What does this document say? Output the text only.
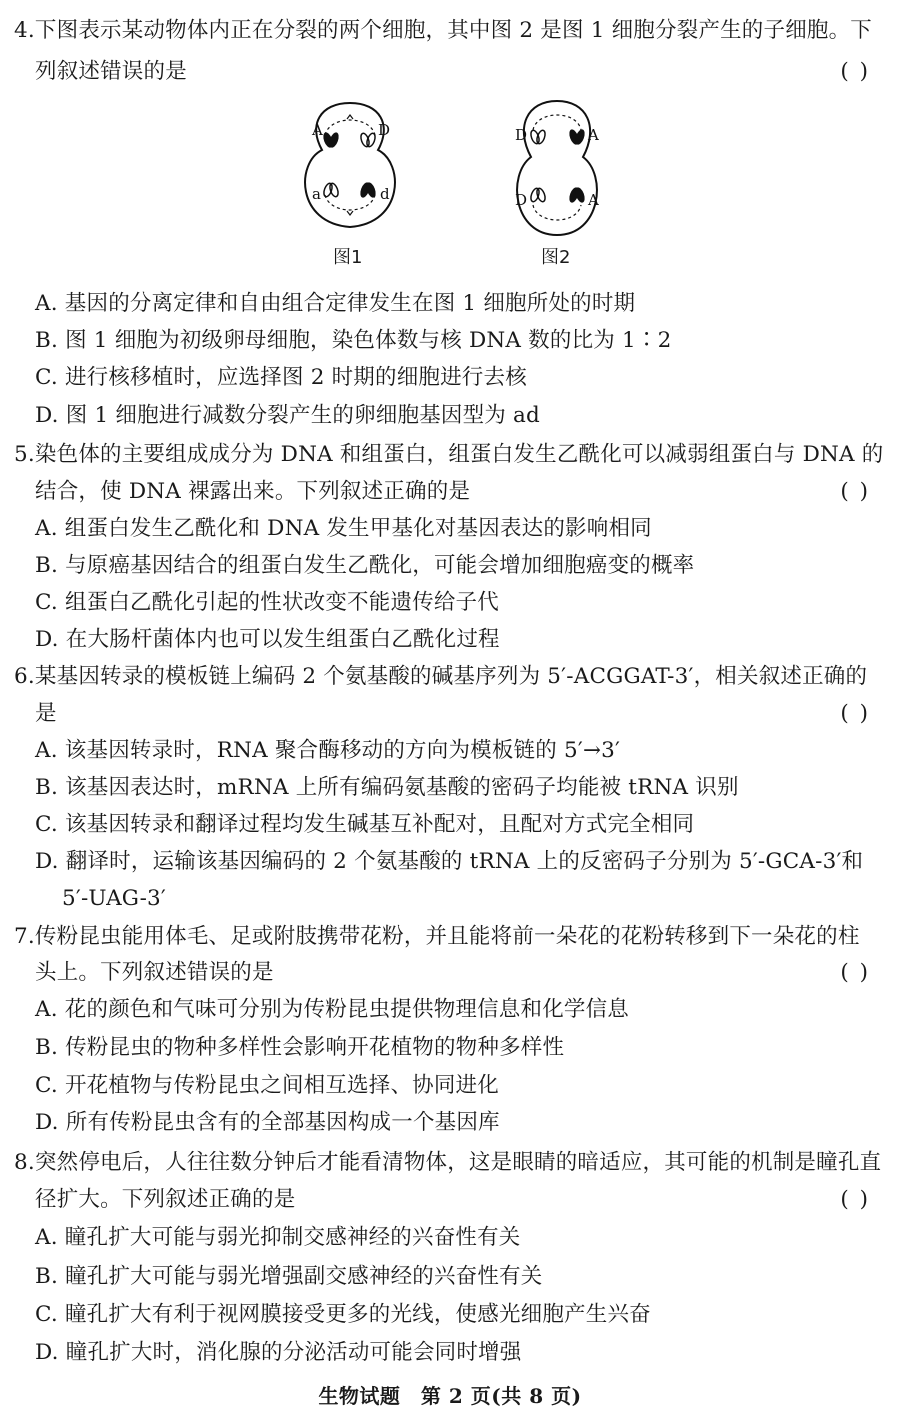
4.下图表示某动物体内正在分裂的两个细胞，其中图 2 是图 1 细胞分裂产生的子细胞。下
列叙述错误的是	( )
A	D
a	d
图1
D	A
D	A
图2
A. 基因的分离定律和自由组合定律发生在图 1 细胞所处的时期
B. 图 1 细胞为初级卵母细胞，染色体数与核 DNA 数的比为 1∶2
C. 进行核移植时，应选择图 2 时期的细胞进行去核
D. 图 1 细胞进行减数分裂产生的卵细胞基因型为 ad
5.染色体的主要组成成分为 DNA 和组蛋白，组蛋白发生乙酰化可以减弱组蛋白与 DNA 的
结合，使 DNA 裸露出来。下列叙述正确的是	( )
A. 组蛋白发生乙酰化和 DNA 发生甲基化对基因表达的影响相同
B. 与原癌基因结合的组蛋白发生乙酰化，可能会增加细胞癌变的概率
C. 组蛋白乙酰化引起的性状改变不能遗传给子代
D. 在大肠杆菌体内也可以发生组蛋白乙酰化过程
6.某基因转录的模板链上编码 2 个氨基酸的碱基序列为 5′-ACGGAT-3′，相关叙述正确的
是	( )
A. 该基因转录时，RNA 聚合酶移动的方向为模板链的 5′→3′
B. 该基因表达时，mRNA 上所有编码氨基酸的密码子均能被 tRNA 识别
C. 该基因转录和翻译过程均发生碱基互补配对，且配对方式完全相同
D. 翻译时，运输该基因编码的 2 个氨基酸的 tRNA 上的反密码子分别为 5′-GCA-3′和
5′-UAG-3′
7.传粉昆虫能用体毛、足或附肢携带花粉，并且能将前一朵花的花粉转移到下一朵花的柱
头上。下列叙述错误的是	( )
A. 花的颜色和气味可分别为传粉昆虫提供物理信息和化学信息
B. 传粉昆虫的物种多样性会影响开花植物的物种多样性
C. 开花植物与传粉昆虫之间相互选择、协同进化
D. 所有传粉昆虫含有的全部基因构成一个基因库
8.突然停电后，人往往数分钟后才能看清物体，这是眼睛的暗适应，其可能的机制是瞳孔直
径扩大。下列叙述正确的是	( )
A. 瞳孔扩大可能与弱光抑制交感神经的兴奋性有关
B. 瞳孔扩大可能与弱光增强副交感神经的兴奋性有关
C. 瞳孔扩大有利于视网膜接受更多的光线，使感光细胞产生兴奋
D. 瞳孔扩大时，消化腺的分泌活动可能会同时增强
生物试题　第 2 页(共 8 页)
